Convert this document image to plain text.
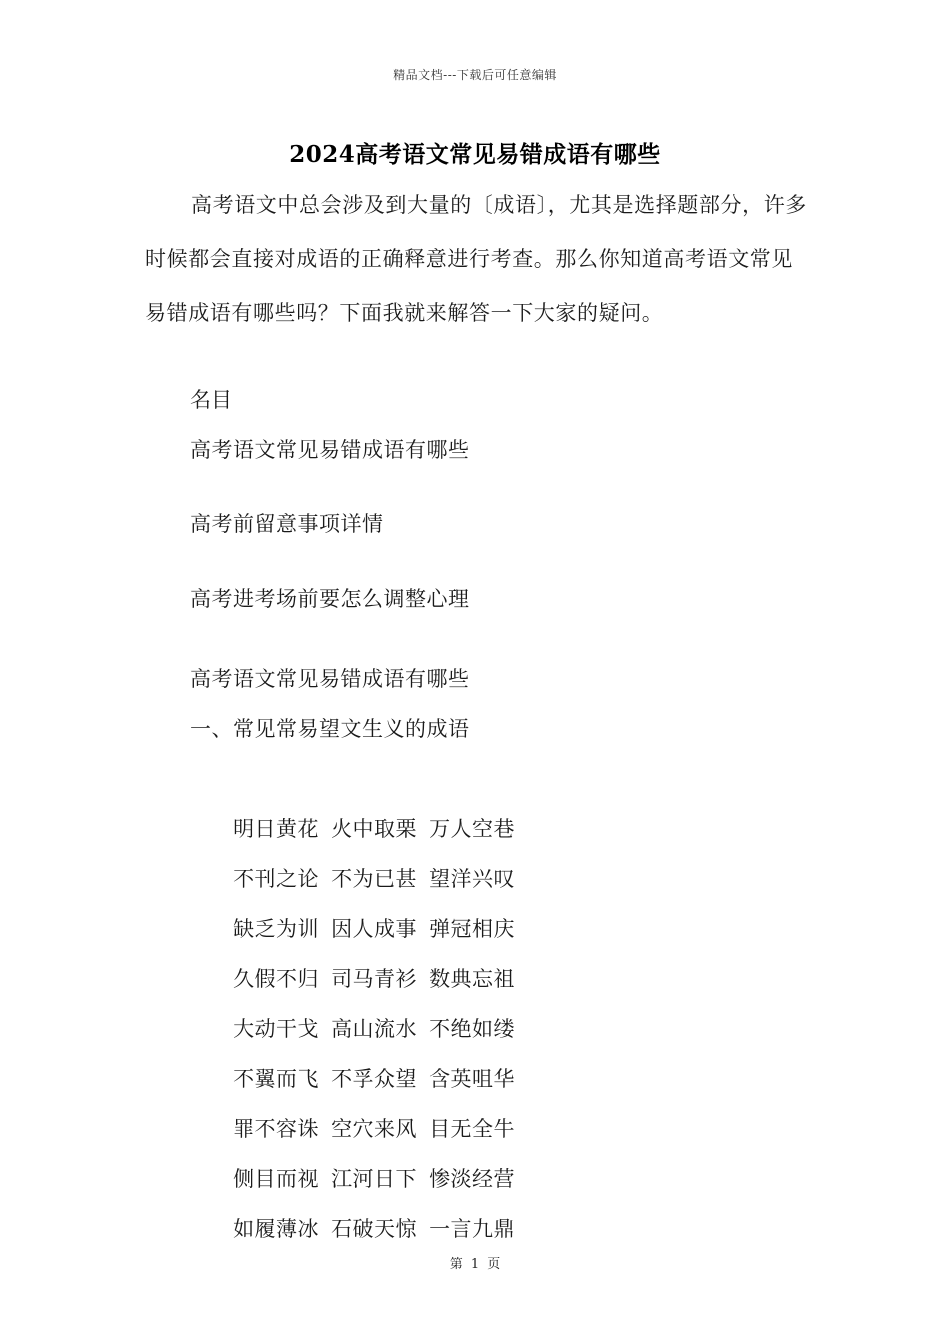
精品文档---下载后可任意编辑
2024高考语文常见易错成语有哪些

高考语文中总会涉及到大量的〔成语〕，尤其是选择题部分，许多时候都会直接对成语的正确释意进行考查。那么你知道高考语文常见易错成语有哪些吗？下面我就来解答一下大家的疑问。

名目

高考语文常见易错成语有哪些

高考前留意事项详情

高考进考场前要怎么调整心理

高考语文常见易错成语有哪些
一、常见常易望文生义的成语

明日黄花 火中取栗 万人空巷

不刊之论 不为已甚 望洋兴叹

缺乏为训 因人成事 弹冠相庆

久假不归 司马青衫 数典忘祖

大动干戈 高山流水 不绝如缕

不翼而飞 不孚众望 含英咀华

罪不容诛 空穴来风 目无全牛

侧目而视 江河日下 惨淡经营

如履薄冰 石破天惊 一言九鼎

第 1 页
